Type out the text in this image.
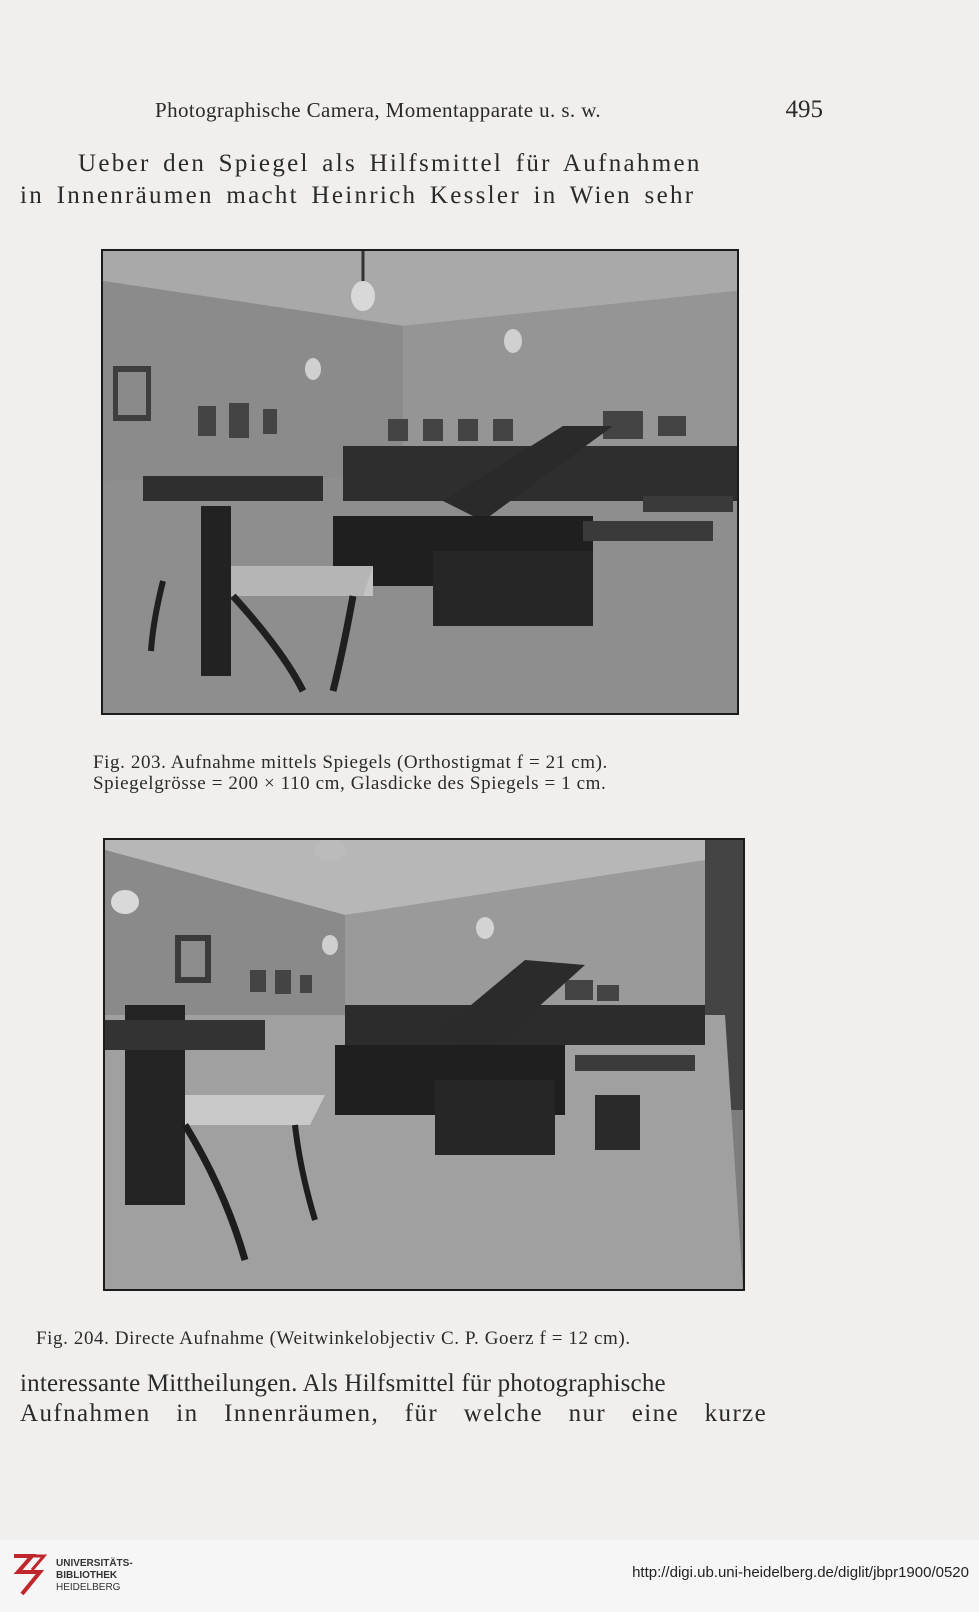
Photographische Camera, Momentapparate u. s. w.	495
Ueber den Spiegel als Hilfsmittel für Aufnahmen
in Innenräumen macht Heinrich Kessler in Wien sehr
Fig. 203. Aufnahme mittels Spiegels (Orthostigmat f = 21 cm).
Spiegelgrösse = 200 × 110 cm, Glasdicke des Spiegels = 1 cm.
Fig. 204. Directe Aufnahme (Weitwinkelobjectiv C. P. Goerz f = 12 cm).
interessante Mittheilungen. Als Hilfsmittel für photographische
Aufnahmen in Innenräumen, für welche nur eine kurze
UNIVERSITÄTS-
BIBLIOTHEK
HEIDELBERG
http://digi.ub.uni-heidelberg.de/diglit/jbpr1900/0520
